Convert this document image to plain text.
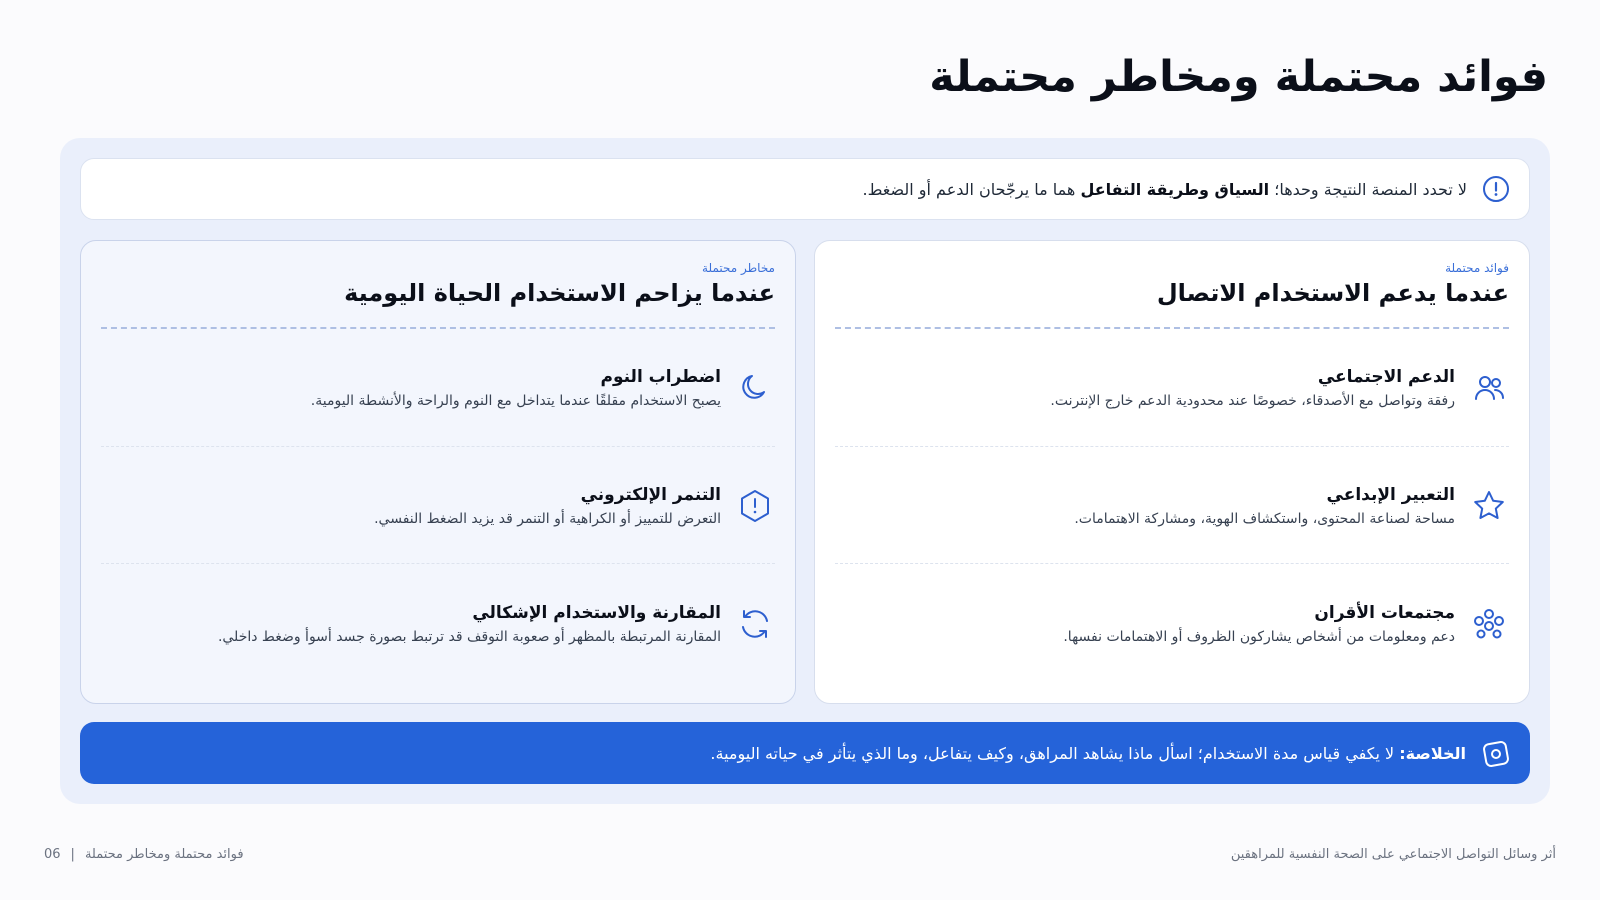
فوائد محتملة ومخاطر محتملة
لا تحدد المنصة النتيجة وحدها؛ السياق وطريقة التفاعل هما ما يرجّحان الدعم أو الضغط.
فوائد محتملة
عندما يدعم الاستخدام الاتصال
الدعم الاجتماعي
رفقة وتواصل مع الأصدقاء، خصوصًا عند محدودية الدعم خارج الإنترنت.
التعبير الإبداعي
مساحة لصناعة المحتوى، واستكشاف الهوية، ومشاركة الاهتمامات.
مجتمعات الأقران
دعم ومعلومات من أشخاص يشاركون الظروف أو الاهتمامات نفسها.
مخاطر محتملة
عندما يزاحم الاستخدام الحياة اليومية
اضطراب النوم
يصبح الاستخدام مقلقًا عندما يتداخل مع النوم والراحة والأنشطة اليومية.
التنمر الإلكتروني
التعرض للتمييز أو الكراهية أو التنمر قد يزيد الضغط النفسي.
المقارنة والاستخدام الإشكالي
المقارنة المرتبطة بالمظهر أو صعوبة التوقف قد ترتبط بصورة جسد أسوأ وضغط داخلي.
الخلاصة: لا يكفي قياس مدة الاستخدام؛ اسأل ماذا يشاهد المراهق، وكيف يتفاعل، وما الذي يتأثر في حياته اليومية.
أثر وسائل التواصل الاجتماعي على الصحة النفسية للمراهقين
06 | فوائد محتملة ومخاطر محتملة
